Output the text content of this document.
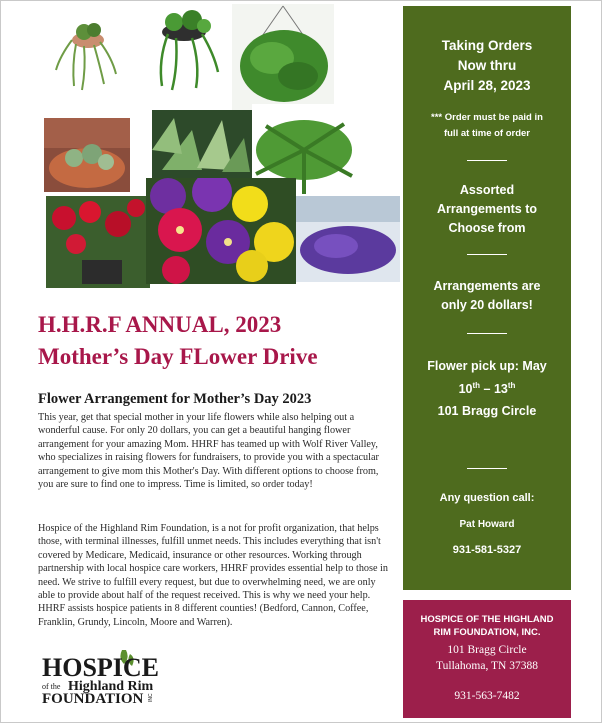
H.H.R.F ANNUAL, 2023
Mother’s Day FLower Drive
Flower Arrangement for Mother’s Day 2023

This year, get that special mother in your life flowers while also helping out a wonderful cause. For only 20 dollars, you can get a beautiful hanging flower arrangement for your amazing Mom. HHRF has teamed up with Wolf River Valley, who specializes in raising flowers for fundraisers, to provide you with a spectacular arrangement to give mom this Mother's Day. With different options to choose from, you are sure to find one to impress. Time is limited, so order today!

Hospice of the Highland Rim Foundation, is a not for profit organization, that helps those, with terminal illnesses, fulfill unmet needs. This includes everything that isn't covered by Medicare, Medicaid, insurance or other resources. Working through partnership with local hospice care workers, HHRF provides essential help to those in need. We strive to fulfill every request, but due to overwhelming need, we are only able to provide about half of the request received. This is why we need your help. HHRF assists hospice patients in 8 different counties! (Bedford, Cannon, Coffee, Franklin, Grundy, Lincoln, Moore and Warren).

HOSPICE
of the Highland Rim
FOUNDATION INC

Taking Orders

Now thru

April 28, 2023

*** Order must be paid in

full at time of order

Assorted

Arrangements to

Choose from

Arrangements are

only 20 dollars!

Flower pick up: May

10th – 13th

101 Bragg Circle

Any question call:

Pat Howard

931-581-5327

HOSPICE OF THE HIGHLAND

RIM FOUNDATION, INC.

101 Bragg Circle

Tullahoma, TN 37388

931-563-7482
